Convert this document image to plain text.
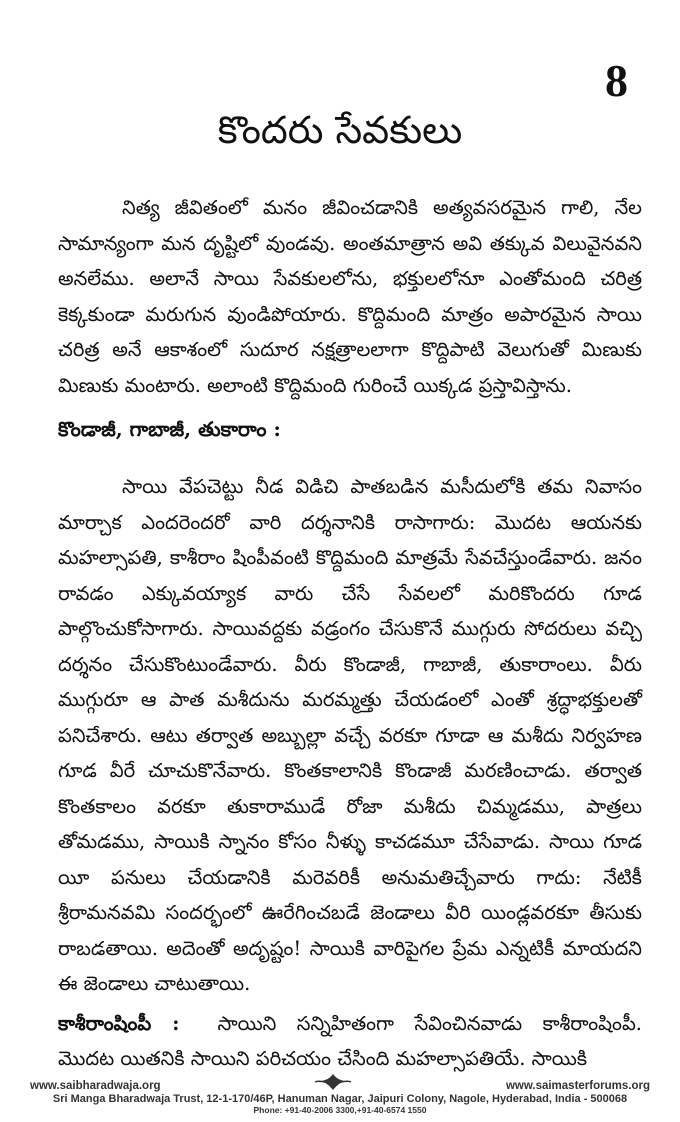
8
కొందరు సేవకులు

నిత్య జీవితంలో మనం జీవించడానికి అత్యవసరమైన గాలి, నేల సామాన్యంగా మన దృష్టిలో వుండవు. అంతమాత్రాన అవి తక్కువ విలువైనవని అనలేము. అలానే సాయి సేవకులలోను, భక్తులలోనూ ఎంతోమంది చరిత్ర కెక్కకుండా మరుగున వుండిపోయారు. కొద్దిమంది మాత్రం అపారమైన సాయి చరిత్ర అనే ఆకాశంలో సుదూర నక్షత్రాలలాగా కొద్దిపాటి వెలుగుతో మిణుకు మిణుకు మంటారు. అలాంటి కొద్దిమంది గురించే యిక్కడ ప్రస్తావిస్తాను.

కొండాజీ, గాబాజీ, తుకారాం :

సాయి వేపచెట్టు నీడ విడిచి పాతబడిన మసీదులోకి తమ నివాసం మార్చాక ఎందరెందరో వారి దర్శనానికి రాసాగారు: మొదట ఆయనకు మహల్సాపతి, కాశీరాం షింపీవంటి కొద్దిమంది మాత్రమే సేవచేస్తుండేవారు. జనం రావడం ఎక్కువయ్యాక వారు చేసే సేవలలో మరికొందరు గూడ పాల్గొంచుకోసాగారు. సాయివద్దకు వడ్రంగం చేసుకొనే ముగ్గురు సోదరులు వచ్చి దర్శనం చేసుకొంటుండేవారు. వీరు కొండాజీ, గాబాజీ, తుకారాంలు. వీరు ముగ్గురూ ఆ పాత మశీదును మరమ్మత్తు చేయడంలో ఎంతో శ్రద్ధాభక్తులతో పనిచేశారు. ఆటు తర్వాత అబ్బుల్లా వచ్చే వరకూ గూడా ఆ మశీదు నిర్వహణ గూడ వీరే చూచుకొనేవారు. కొంతకాలానికి కొండాజీ మరణించాడు. తర్వాత కొంతకాలం వరకూ తుకారాముడే రోజా మశీదు చిమ్మడము, పాత్రలు తోమడము, సాయికి స్నానం కోసం నీళ్ళు కాచడమూ చేసేవాడు. సాయి గూడ యీ పనులు చేయడానికి మరెవరికీ అనుమతిచ్చేవారు గాదు: నేటికీ శ్రీరామనవమి సందర్భంలో ఊరేగించబడే జెండాలు వీరి యిండ్లవరకూ తీసుకు రాబడతాయి. అదెంతో అదృష్టం! సాయికి వారిపైగల ప్రేమ ఎన్నటికీ మాయదని ఈ జెండాలు చాటుతాయి.

కాశీరాంషింపీ : సాయిని సన్నిహితంగా సేవించినవాడు కాశీరాంషింపీ. మొదట యితనికి సాయిని పరిచయం చేసింది మహల్సాపతియే. సాయికి

www.saibharadwaja.org	www.saimasterforums.org
Sri Manga Bharadwaja Trust, 12-1-170/46P, Hanuman Nagar, Jaipuri Colony, Nagole, Hyderabad, India - 500068
Phone: +91-40-2006 3300,+91-40-6574 1550
